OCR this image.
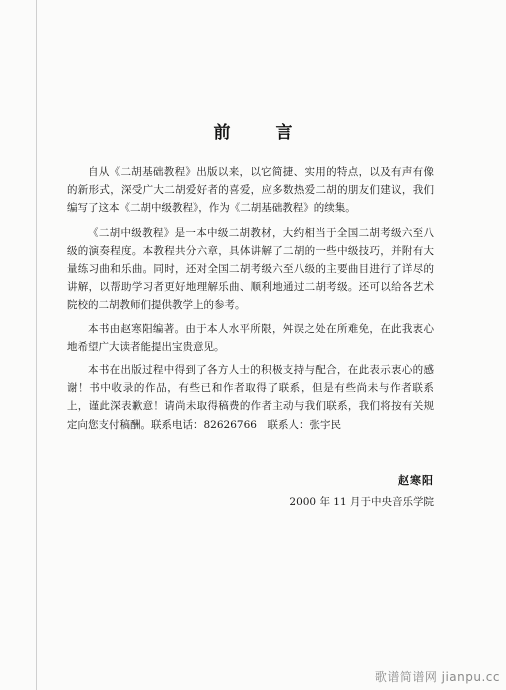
前　言

自从《二胡基础教程》出版以来，以它简捷、实用的特点，以及有声有像的新形式，深受广大二胡爱好者的喜爱，应多数热爱二胡的朋友们建议，我们编写了这本《二胡中级教程》，作为《二胡基础教程》的续集。

《二胡中级教程》是一本中级二胡教材，大约相当于全国二胡考级六至八级的演奏程度。本教程共分六章，具体讲解了二胡的一些中级技巧，并附有大量练习曲和乐曲。同时，还对全国二胡考级六至八级的主要曲目进行了详尽的讲解，以帮助学习者更好地理解乐曲、顺利地通过二胡考级。还可以给各艺术院校的二胡教师们提供教学上的参考。

本书由赵寒阳编著。由于本人水平所限，舛误之处在所难免，在此我衷心地希望广大读者能提出宝贵意见。

本书在出版过程中得到了各方人士的积极支持与配合，在此表示衷心的感谢！书中收录的作品，有些已和作者取得了联系，但是有些尚未与作者联系上，谨此深表歉意！请尚未取得稿费的作者主动与我们联系，我们将按有关规定向您支付稿酬。联系电话：82626766　联系人：张宇民

赵寒阳
2000 年 11 月于中央音乐学院
歌谱简谱网 jianpu.cc
